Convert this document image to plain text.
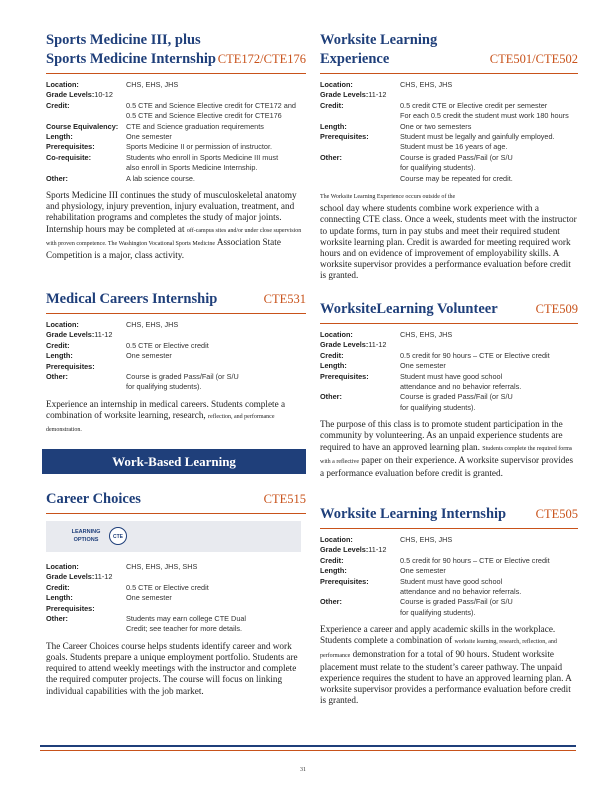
Sports Medicine III, plus
Sports Medicine Internship CTE172/CTE176
Location:	CHS, EHS, JHS

Grade Levels:10-12	
Credit:	0.5 CTE and Science Elective credit for CTE172 and
0.5 CTE and Science Elective credit for CTE176

Course Equivalency:	CTE and Science graduation requirements

Length:	One semester

Prerequisites:	Sports Medicine II or permission of instructor.

Co-requisite:	Students who enroll in Sports Medicine III must
also enroll in Sports Medicine Internship.

Other:	A lab science course.

Sports Medicine III continues the study of musculoskeletal anatomy and physiology, injury prevention, injury evaluation, treatment, and rehabilitation programs and completes the study of major joints. Internship hours may be completed at off-campus sites and/or under close supervision with proven competence. The Washington Vocational Sports Medicine Association State Competition is a major, class activity.

Medical Careers Internship	CTE531
Location:	CHS, EHS, JHS

Grade Levels:11-12	
Credit:	0.5 CTE or Elective credit

Length:	One semester

Prerequisites:	

Other:	Course is graded Pass/Fail (or S/U
for qualifying students).

Experience an internship in medical careers. Students complete a combination of worksite learning, research, reflection, and performance demonstration.

Work-Based Learning
Career Choices	CTE515
LEARNING
OPTIONS	CTE
Location:	CHS, EHS, JHS, SHS

Grade Levels:11-12	
Credit:	0.5 CTE or Elective credit

Length:	One semester

Prerequisites:	

Other:	Students may earn college CTE Dual
Credit; see teacher for more details.

The Career Choices course helps students identify career and work goals. Students prepare a unique employment portfolio. Students are required to attend weekly meetings with the instructor and complete the required computer projects. The course will focus on linking individual capabilities with the job market.

Worksite Learning
Experience	CTE501/CTE502
Location:	CHS, EHS, JHS

Grade Levels:11-12	
Credit:	0.5 credit CTE or Elective credit per semester
For each 0.5 credit the student must work 180 hours

Length:	One or two semesters

Prerequisites:	Student must be legally and gainfully employed.
Student must be 16 years of age.

Other:	Course is graded Pass/Fail (or S/U
for qualifying students).
Course may be repeated for credit.

The Worksite Learning Experience occurs outside of the
school day where students combine work experience with a connecting CTE class. Once a week, students meet with the instructor to update forms, turn in pay stubs and meet their required student worksite learning plan. Credit is awarded for meeting required work hours and on evidence of improvement of employability skills. A worksite supervisor provides a performance evaluation before credit is granted.

WorksiteLearning Volunteer	CTE509
Location:	CHS, EHS, JHS

Grade Levels:11-12	
Credit:	0.5 credit for 90 hours – CTE or Elective credit

Length:	One semester

Prerequisites:	Student must have good school
attendance and no behavior referrals.

Other:	Course is graded Pass/Fail (or S/U
for qualifying students).

The purpose of this class is to promote student participation in the community by volunteering. As an unpaid experience students are required to have an approved learning plan. Students complete the required forms with a reflective paper on their experience. A worksite supervisor provides a performance evaluation before credit is granted.

Worksite Learning Internship CTE505
Location:	CHS, EHS, JHS

Grade Levels:11-12	
Credit:	0.5 credit for 90 hours – CTE or Elective credit

Length:	One semester

Prerequisites:	Student must have good school
attendance and no behavior referrals.

Other:	Course is graded Pass/Fail (or S/U
for qualifying students).

Experience a career and apply academic skills in the workplace. Students complete a combination of worksite learning, research, reflection, and performance demonstration for a total of 90 hours. Student worksite placement must relate to the student’s career pathway. The unpaid experience requires the student to have an approved learning plan. A worksite supervisor provides a performance evaluation before credit is granted.

31
